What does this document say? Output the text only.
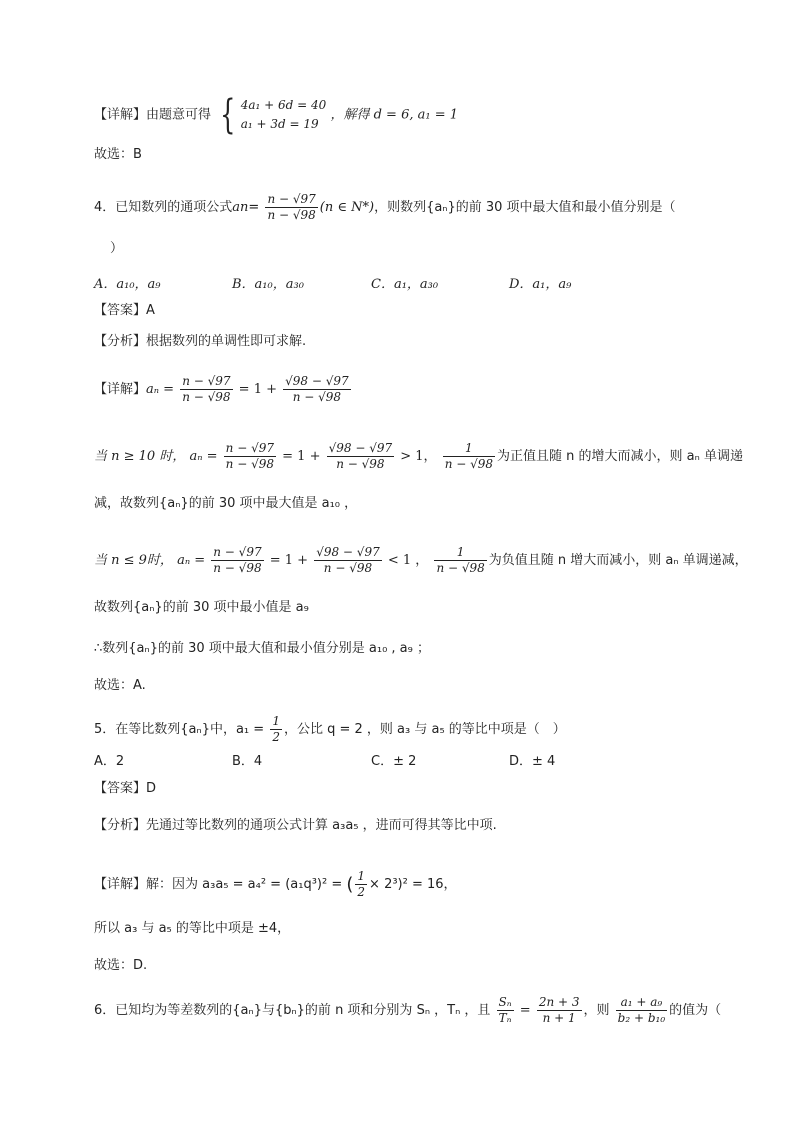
【详解】由题意可得 { 4a₁ + 6d = 40
a₁ + 3d = 19
，解得 d = 6, a₁ = 1
故选：B
4．已知数列的通项公式$an= \frac{n - √97}{n - √98} (n$ ∈ N*)，则数列{aₙ}的前 30 项中最大值和最小值分别是（
）
A．a₁₀，a₉	B．a₁₀，a₃₀	C．a₁，a₃₀	D．a₁，a₉
【答案】A
【分析】根据数列的单调性即可求解.
【详解】$a_n = \frac{n - √97}{n - √98} = 1 + \frac{√98 - √97}{n - √98}$
当 n ≥ 10 时， $a_n = \frac{n - √97}{n - √98} = 1 + \frac{√98 - √97}{n - √98} > 1$， $\frac{1}{n - √98}$ 为正值且随 n 的增大而减小，则 aₙ 单调递
减，故数列{aₙ}的前 30 项中最大值是 a₁₀ ，
当 n ≤ 9时， $a_n = \frac{n - √97}{n - √98} = 1 + \frac{√98 - √97}{n - √98} < 1$ ， $\frac{1}{n - √98}$ 为负值且随 n 增大而减小，则 aₙ 单调递减，
故数列{aₙ}的前 30 项中最小值是 a₉
∴数列{aₙ}的前 30 项中最大值和最小值分别是 a₁₀ , a₉ ；
故选：A.
5．在等比数列{aₙ}中，$a_1 = \frac{1}{2}$ ，公比 q = 2 ，则 a₃ 与 a₅ 的等比中项是（　）
A．2	B．4	C．± 2	D．± 4
【答案】D
【分析】先通过等比数列的通项公式计算 a₃a₅ ，进而可得其等比中项.
【详解】解：因为 a₃a₅ = a₄² = (a₁q³)² = ( $\frac{1}{2} \times 2^3)^2 = 16$，
所以 a₃ 与 a₅ 的等比中项是 ±4，
故选：D.
6．已知均为等差数列的{aₙ}与{bₙ}的前 n 项和分别为 Sₙ ，Tₙ ，且 $\frac{\text{Sₙ}}{\text{Tₙ}} = \frac{2n + 3}{n + 1}$ ，则 $\frac{\text{a₁ + a₉}}{\text{b₂ + b₁₀}}$ 的值为（
